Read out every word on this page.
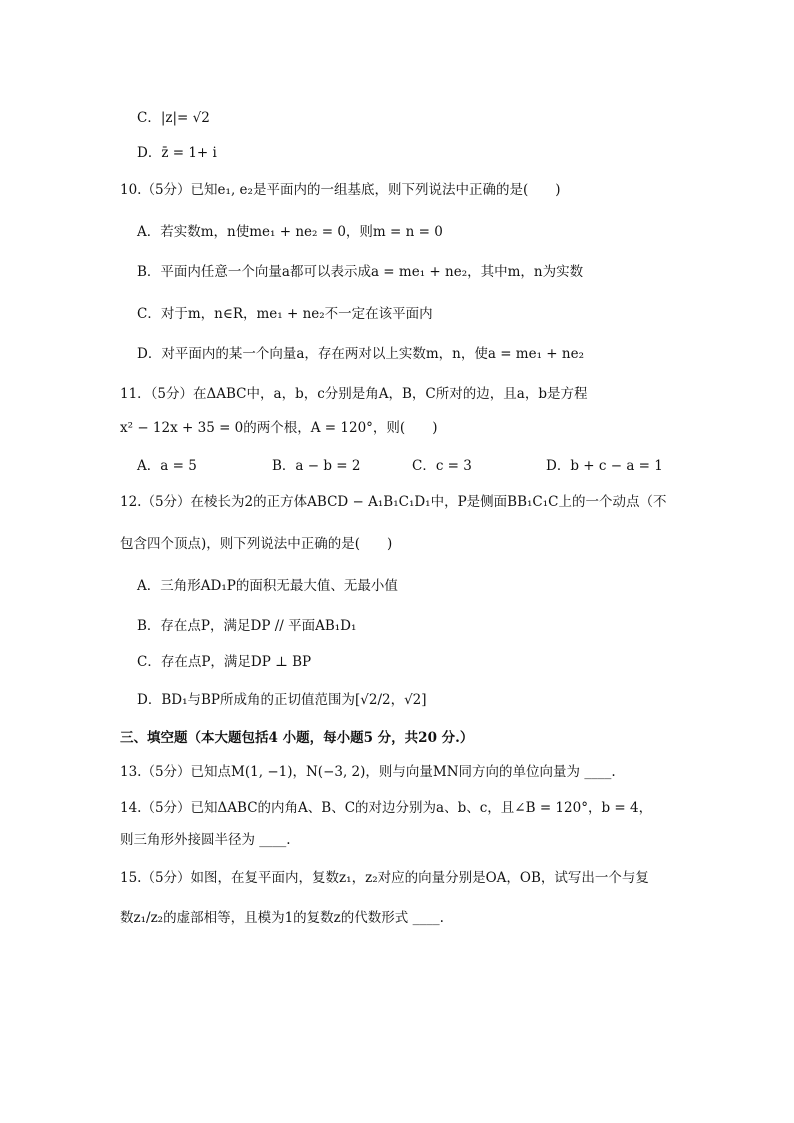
C．|z|= √2
D．z̄ = 1+ i
10.（5分）已知e₁, e₂是平面内的一组基底，则下列说法中正确的是(　　)
A．若实数m，n使me₁ + ne₂ = 0，则m = n = 0
B．平面内任意一个向量a都可以表示成a = me₁ + ne₂，其中m，n为实数
C．对于m，n∈R，me₁ + ne₂不一定在该平面内
D．对平面内的某一个向量a，存在两对以上实数m，n，使a = me₁ + ne₂
11．（5分）在ΔABC中，a，b，c分别是角A，B，C所对的边，且a，b是方程
x² − 12x + 35 = 0的两个根，A = 120°，则(　　)
A．a = 5	B．a − b = 2	C．c = 3	D．b + c − a = 1
12.（5分）在棱长为2的正方体ABCD − A₁B₁C₁D₁中，P是侧面BB₁C₁C上的一个动点（不
包含四个顶点)，则下列说法中正确的是(　　)
A．三角形AD₁P的面积无最大值、无最小值
B．存在点P，满足DP // 平面AB₁D₁
C．存在点P，满足DP ⊥ BP
D．BD₁与BP所成角的正切值范围为[√2/2，√2]
三、填空题（本大题包括4 小题，每小题5 分，共20 分.）
13.（5分）已知点M(1, −1)，N(−3, 2)，则与向量MN同方向的单位向量为 ____.
14.（5分）已知ΔABC的内角A、B、C的对边分别为a、b、c，且∠B = 120°，b = 4，
则三角形外接圆半径为 ____.
15.（5分）如图，在复平面内，复数z₁，z₂对应的向量分别是OA，OB，试写出一个与复
数z₁/z₂的虚部相等，且模为1的复数z的代数形式 ____.
